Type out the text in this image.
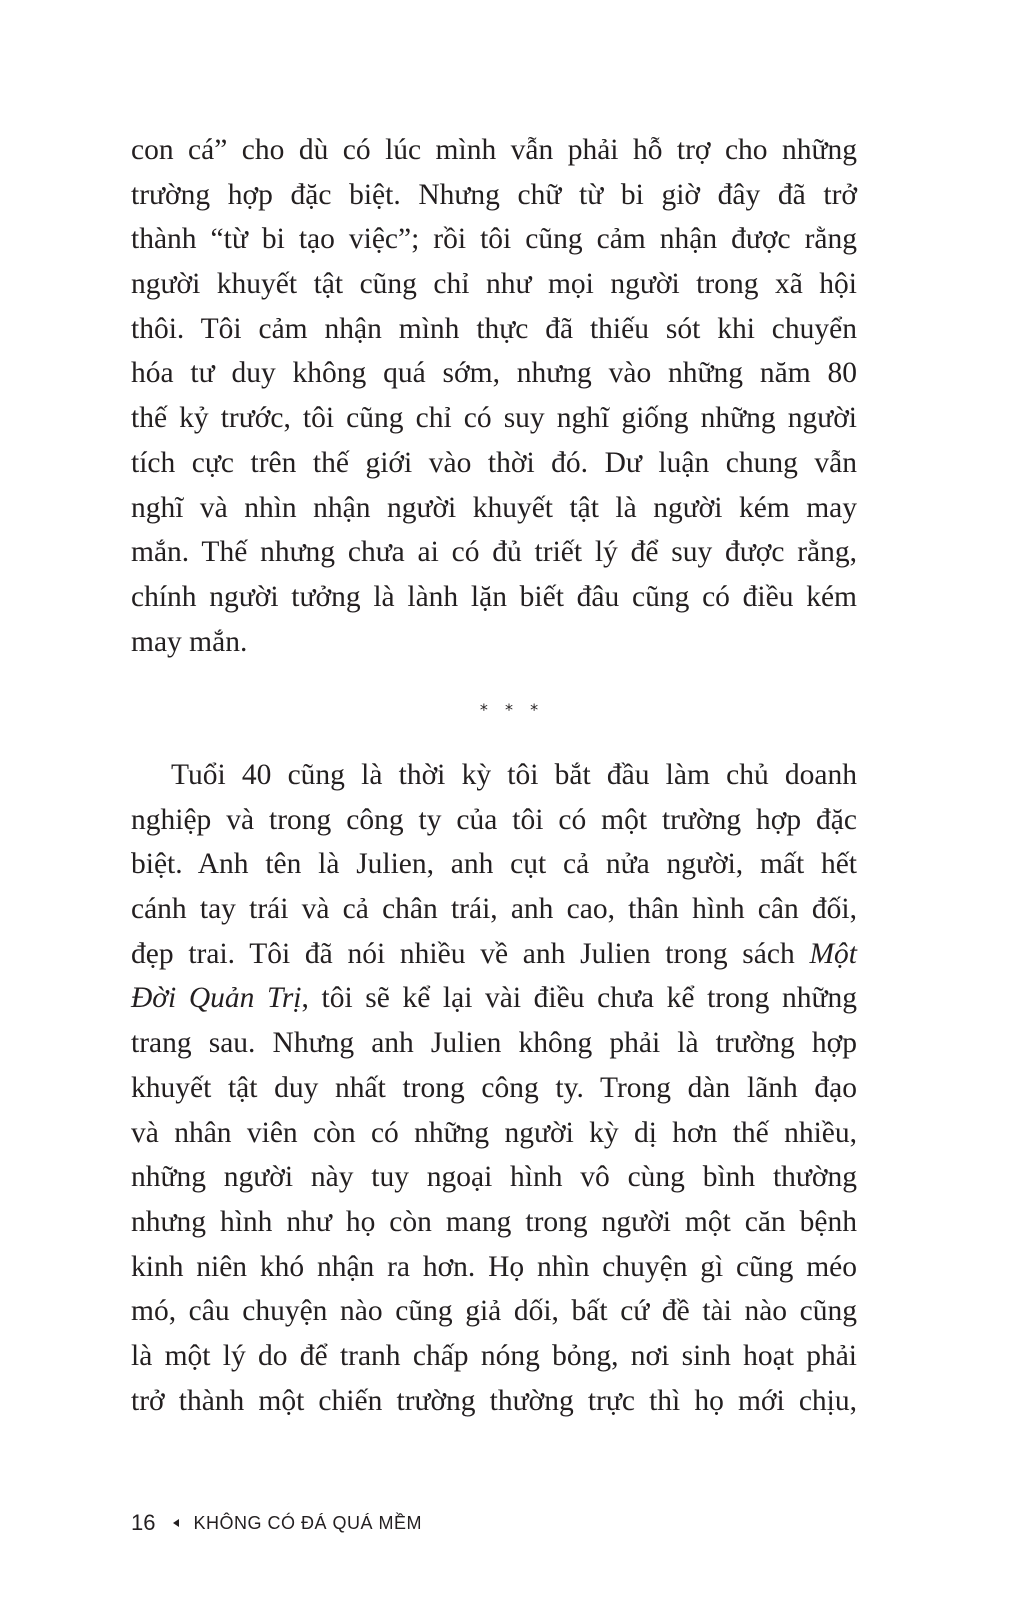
con cá” cho dù có lúc mình vẫn phải hỗ trợ cho những
trường hợp đặc biệt. Nhưng chữ từ bi giờ đây đã trở
thành “từ bi tạo việc”; rồi tôi cũng cảm nhận được rằng
người khuyết tật cũng chỉ như mọi người trong xã hội
thôi. Tôi cảm nhận mình thực đã thiếu sót khi chuyển
hóa tư duy không quá sớm, nhưng vào những năm 80
thế kỷ trước, tôi cũng chỉ có suy nghĩ giống những người
tích cực trên thế giới vào thời đó. Dư luận chung vẫn
nghĩ và nhìn nhận người khuyết tật là người kém may
mắn. Thế nhưng chưa ai có đủ triết lý để suy được rằng,
chính người tưởng là lành lặn biết đâu cũng có điều kém
may mắn.
* * *
Tuổi 40 cũng là thời kỳ tôi bắt đầu làm chủ doanh
nghiệp và trong công ty của tôi có một trường hợp đặc
biệt. Anh tên là Julien, anh cụt cả nửa người, mất hết
cánh tay trái và cả chân trái, anh cao, thân hình cân đối,
đẹp trai. Tôi đã nói nhiều về anh Julien trong sách Một
Đời Quản Trị, tôi sẽ kể lại vài điều chưa kể trong những
trang sau. Nhưng anh Julien không phải là trường hợp
khuyết tật duy nhất trong công ty. Trong dàn lãnh đạo
và nhân viên còn có những người kỳ dị hơn thế nhiều,
những người này tuy ngoại hình vô cùng bình thường
nhưng hình như họ còn mang trong người một căn bệnh
kinh niên khó nhận ra hơn. Họ nhìn chuyện gì cũng méo
mó, câu chuyện nào cũng giả dối, bất cứ đề tài nào cũng
là một lý do để tranh chấp nóng bỏng, nơi sinh hoạt phải
trở thành một chiến trường thường trực thì họ mới chịu,
16 KHÔNG CÓ ĐÁ QUÁ MỀM
